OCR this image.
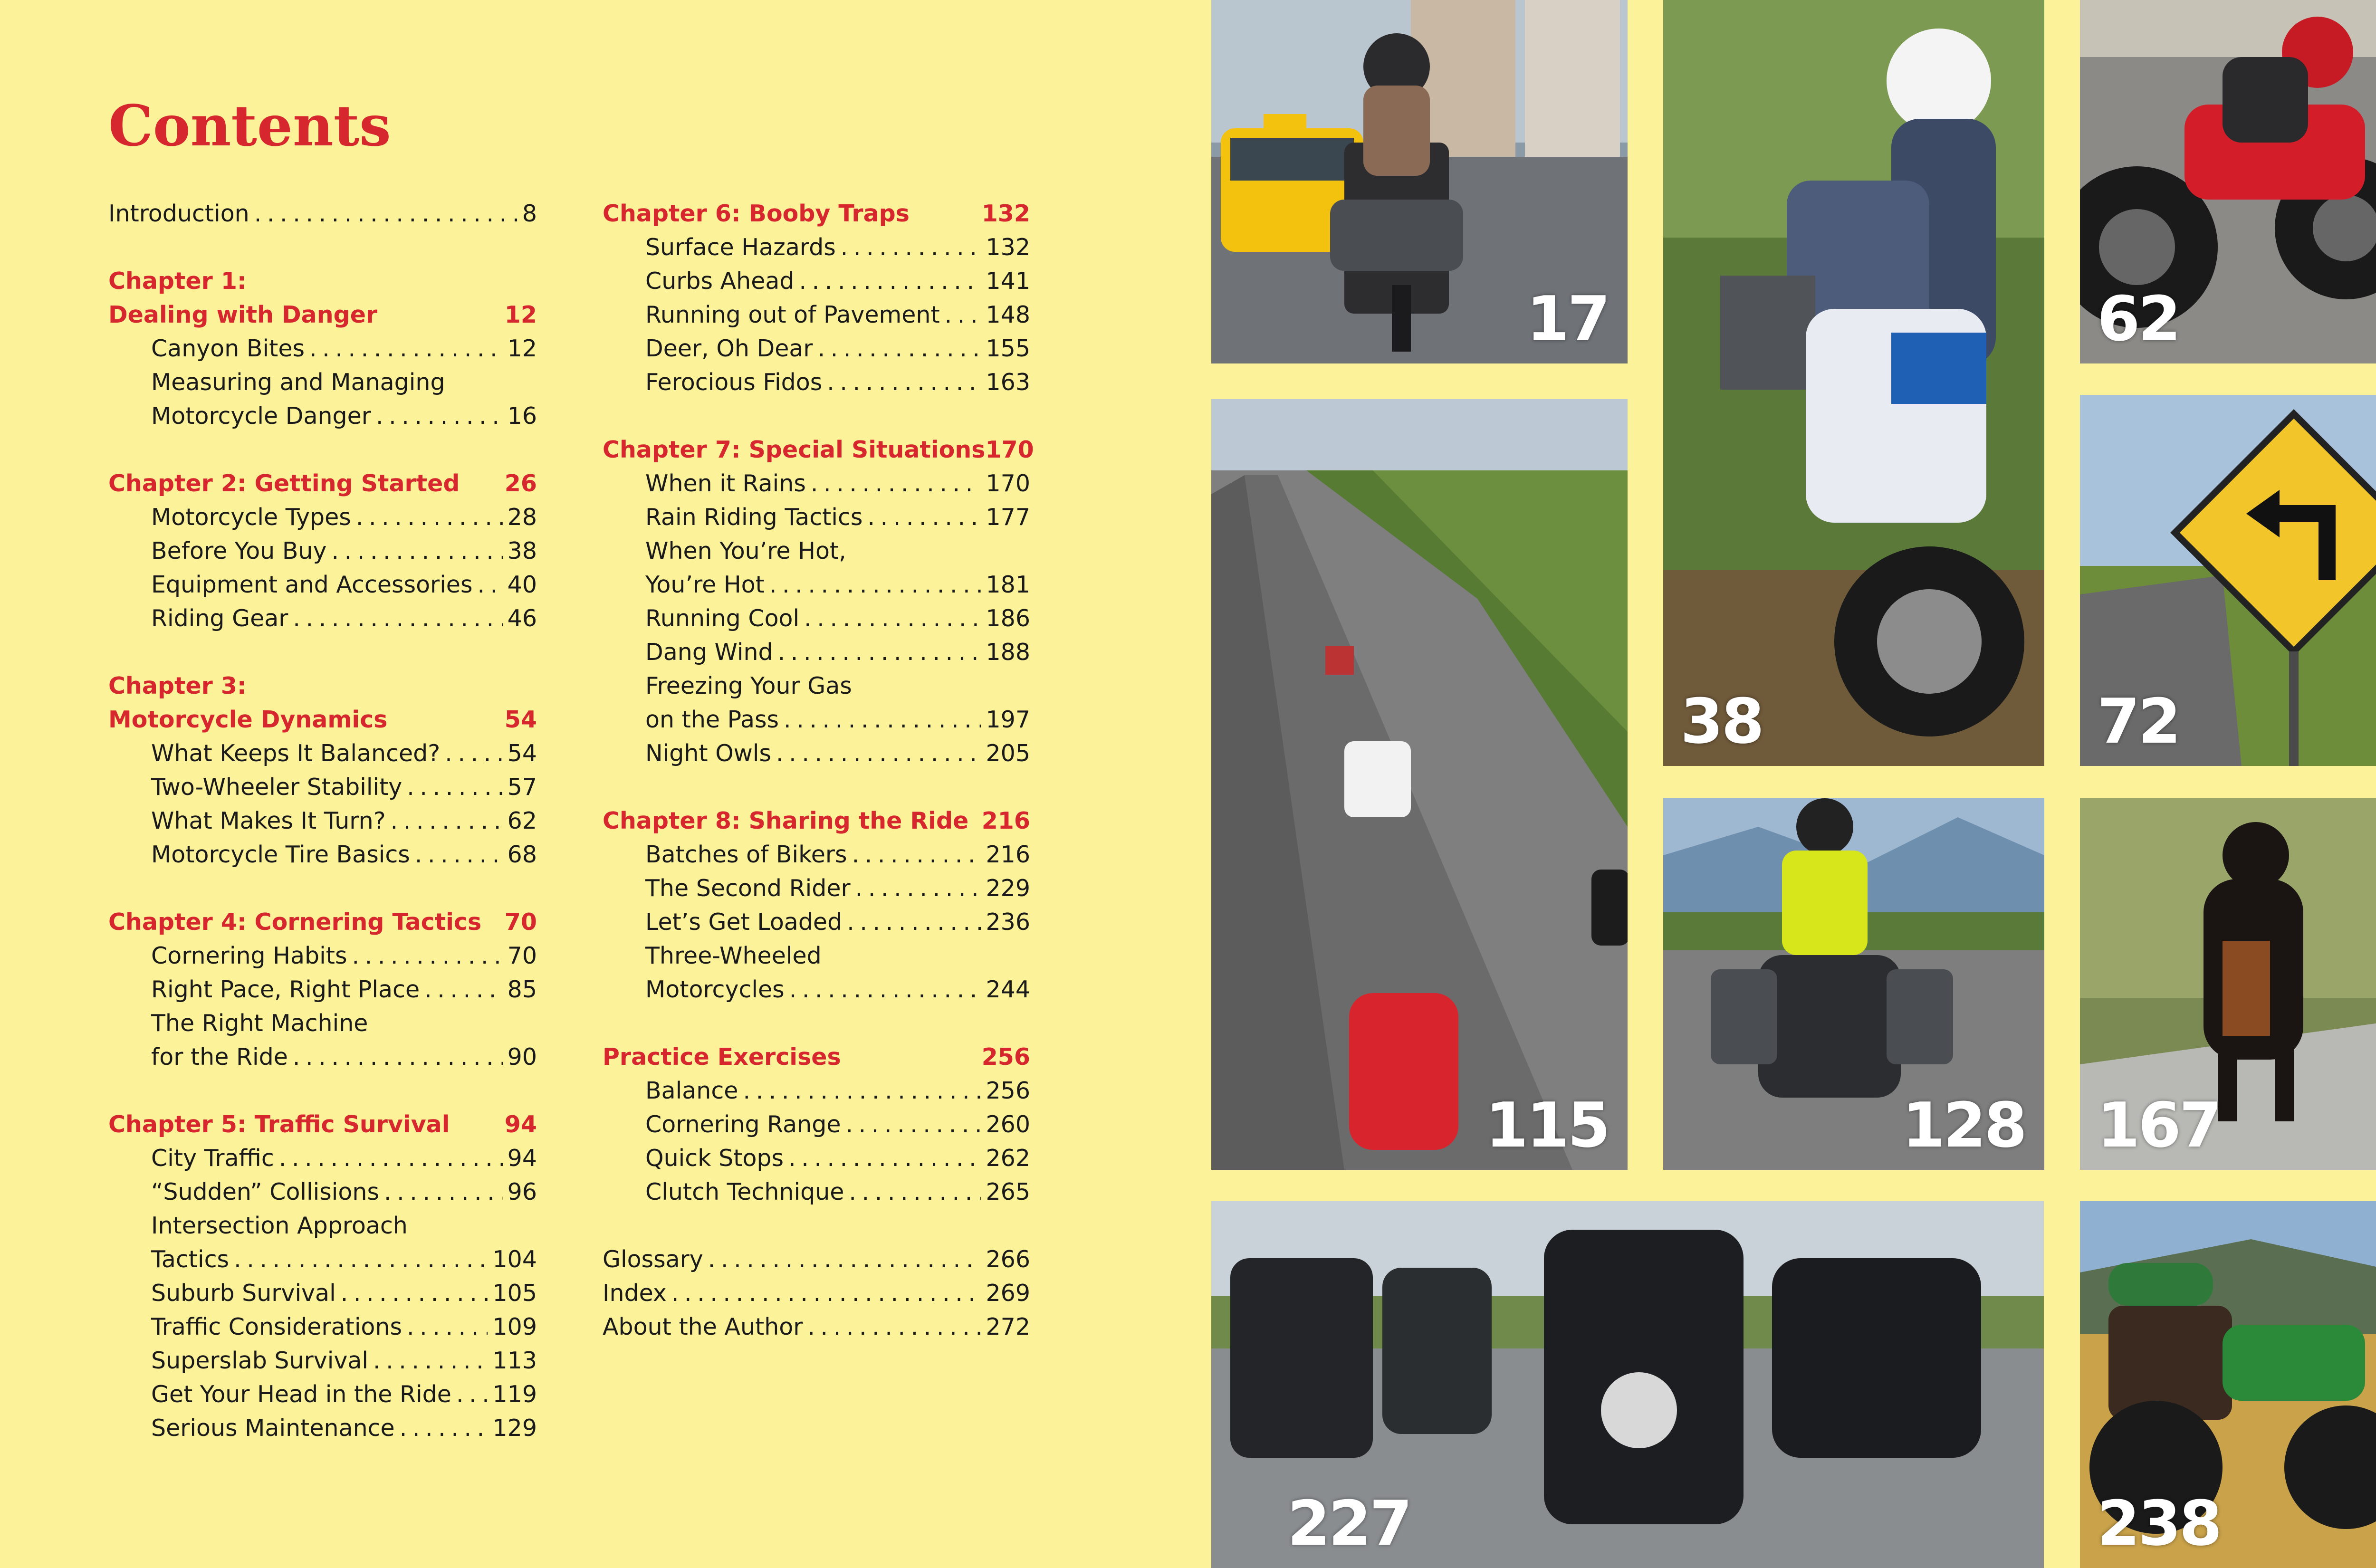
Contents
Introduction . . .	8
Chapter 1:
Dealing with Danger	12
Canyon Bites . . .	12
Measuring and Managing
Motorcycle Danger . . .	16
Chapter 2: Getting Started 26
Motorcycle Types . . .	28
Before You Buy . . .	38
Equipment and Accessories . . . 40
Riding Gear . . .	46
Chapter 3:
Motorcycle Dynamics	54
What Keeps It Balanced? . . .	54
Two-Wheeler Stability . . .	57
What Makes It Turn? . . .	62
Motorcycle Tire Basics . . .	68
Chapter 4: Cornering Tactics 70
Cornering Habits . . .	70
Right Pace, Right Place . . .	85
The Right Machine
for the Ride . . .	90
Chapter 5: Traffic Survival 94
City Traffic . . .	94
“Sudden” Collisions . . .	96
Intersection Approach
Tactics . . .	104
Suburb Survival . . .	105
Traffic Considerations . . .	109
Superslab Survival . . .	113
Get Your Head in the Ride . . . 119
Serious Maintenance . . .	129
Chapter 6: Booby Traps	132
Surface Hazards . . .	132
Curbs Ahead . . .	141
Running out of Pavement . . . 148
Deer, Oh Dear . . .	155
Ferocious Fidos . . .	163
Chapter 7: Special Situations 170
When it Rains . . .	170
Rain Riding Tactics . . .	177
When You’re Hot,
You’re Hot . . .	181
Running Cool . . .	186
Dang Wind . . .	188
Freezing Your Gas
on the Pass . . .	197
Night Owls . . .	205
Chapter 8: Sharing the Ride 216
Batches of Bikers . . .	216
The Second Rider . . .	229
Let’s Get Loaded . . .	236
Three-Wheeled
Motorcycles . . .	244
Practice Exercises	256
Balance . . .	256
Cornering Range . . .	260
Quick Stops . . .	262
Clutch Technique . . .	265
Glossary . . .	266
Index . . .	269
About the Author . . .	272
17
38
62
115
72
128 167
227	238
